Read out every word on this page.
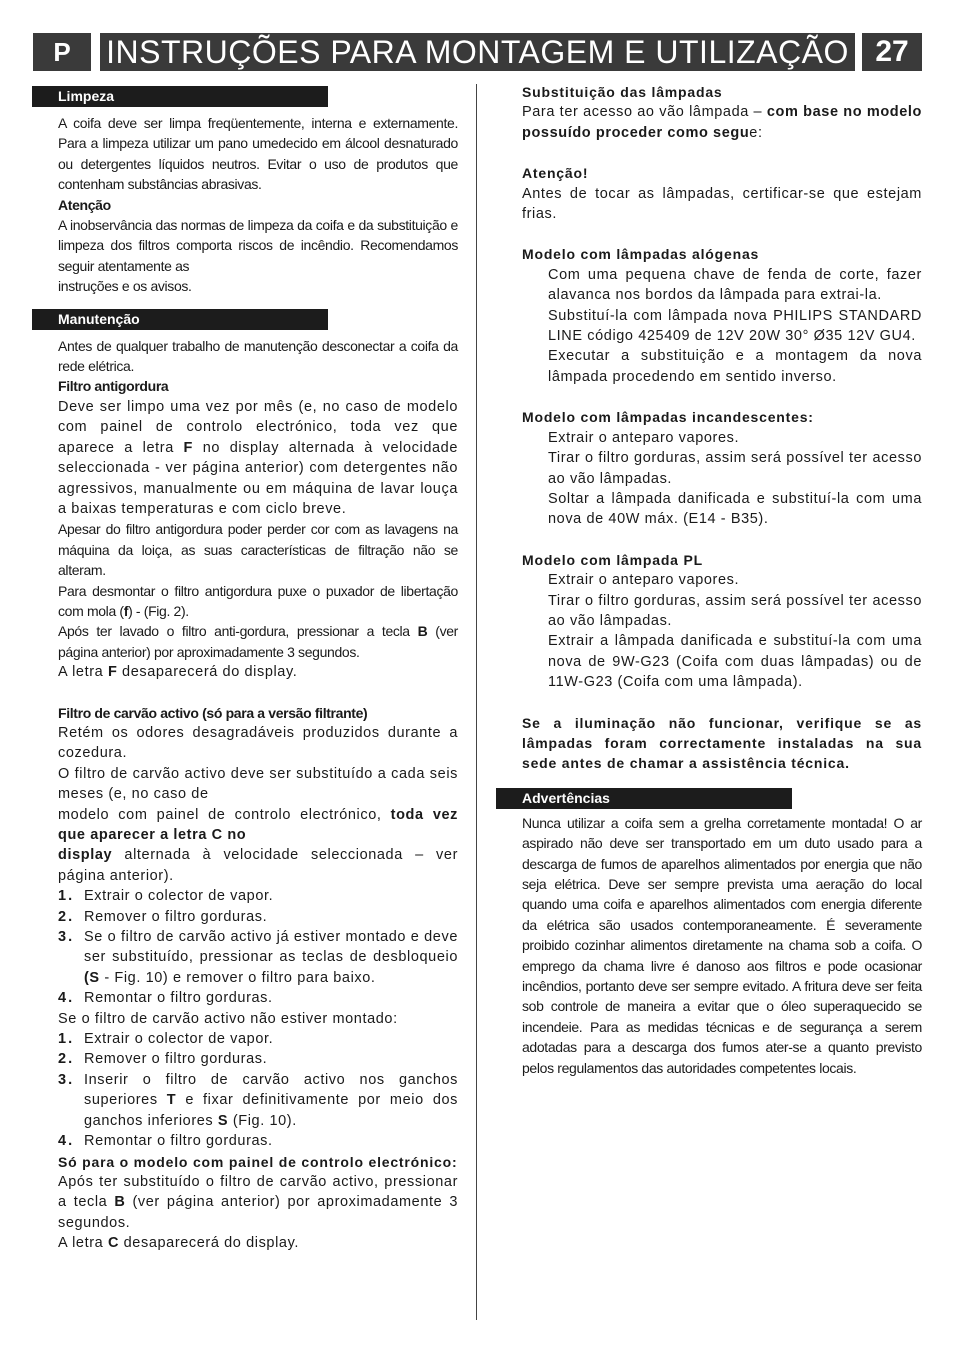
P	INSTRUÇÕES PARA MONTAGEM E UTILIZAÇÃO 27
Limpeza

A coifa deve ser limpa freqüentemente, interna e externamente. Para a limpeza utilizar um pano umedecido em álcool desnaturado ou detergentes líquidos neutros. Evitar o uso de produtos que contenham substâncias abrasivas.

Atenção

A inobservância das normas de limpeza da coifa e da substituição e limpeza dos filtros comporta riscos de incêndio. Recomendamos seguir atentamente as

instruções e os avisos.

Manutenção

Antes de qualquer trabalho de manutenção desconectar a coifa da rede elétrica.

Filtro antigordura

Deve ser limpo uma vez por mês (e, no caso de modelo com painel de controlo electrónico, toda vez que aparece a letra F no display alternada à velocidade seleccionada - ver página anterior) com detergentes não agressivos, manualmente ou em máquina de lavar louça a baixas temperaturas e com ciclo breve.

Apesar do filtro antigordura poder perder cor com as lavagens na máquina da loiça, as suas características de filtração não se alteram.

Para desmontar o filtro antigordura puxe o puxador de libertação com mola (f) - (Fig. 2).

Após ter lavado o filtro anti-gordura, pressionar a tecla B (ver página anterior) por aproximadamente 3 segundos.

A letra F desaparecerá do display.

Filtro de carvão activo (só para a versão filtrante)

Retém os odores desagradáveis produzidos durante a cozedura.

O filtro de carvão activo deve ser substituído a cada seis meses (e, no caso de

modelo com painel de controlo electrónico, toda vez que aparecer a letra C no

display alternada à velocidade seleccionada – ver página anterior).

1. Extrair o colector de vapor.
2. Remover o filtro gorduras.
3. Se o filtro de carvão activo já estiver montado e deve ser substituído, pressionar as teclas de desbloqueio (S - Fig. 10) e remover o filtro para baixo.
4. Remontar o filtro gorduras.

Se o filtro de carvão activo não estiver montado:

1. Extrair o colector de vapor.
2. Remover o filtro gorduras.
3. Inserir o filtro de carvão activo nos ganchos superiores T e fixar definitivamente por meio dos ganchos inferiores S (Fig. 10).
4. Remontar o filtro gorduras.

Só para o modelo com painel de controlo electrónico:

Após ter substituído o filtro de carvão activo, pressionar a tecla B (ver página anterior) por aproximadamente 3 segundos.

A letra C desaparecerá do display.

Substituição das lâmpadas

Para ter acesso ao vão lâmpada – com base no modelo possuído proceder como segue:

Atenção!

Antes de tocar as lâmpadas, certificar-se que estejam frias.

Modelo com lâmpadas alógenas

Com uma pequena chave de fenda de corte, fazer alavanca nos bordos da lâmpada para extrai-la.

Substituí-la com lâmpada nova PHILIPS STANDARD LINE código 425409 de 12V 20W 30° Ø35 12V GU4.

Executar a substituição e a montagem da nova lâmpada procedendo em sentido inverso.

Modelo com lâmpadas incandescentes:

Extrair o anteparo vapores.

Tirar o filtro gorduras, assim será possível ter acesso ao vão lâmpadas.

Soltar a lâmpada danificada e substituí-la com uma nova de 40W máx. (E14 - B35).

Modelo com lâmpada PL

Extrair o anteparo vapores.

Tirar o filtro gorduras, assim será possível ter acesso ao vão lâmpadas.

Extrair a lâmpada danificada e substituí-la com uma nova de 9W-G23 (Coifa com duas lâmpadas) ou de 11W-G23 (Coifa com uma lâmpada).

Se a iluminação não funcionar, verifique se as lâmpadas foram correctamente instaladas na sua sede antes de chamar a assistência técnica.

Advertências

Nunca utilizar a coifa sem a grelha corretamente montada! O ar aspirado não deve ser transportado em um duto usado para a descarga de fumos de aparelhos alimentados por energia que não seja elétrica. Deve ser sempre prevista uma aeração do local quando uma coifa e aparelhos alimentados com energia diferente da elétrica são usados contemporaneamente. É severamente proibido cozinhar alimentos diretamente na chama sob a coifa. O emprego da chama livre é danoso aos filtros e pode ocasionar incêndios, portanto deve ser sempre evitado. A fritura deve ser feita sob controle de maneira a evitar que o óleo superaquecido se incendeie. Para as medidas técnicas e de segurança a serem adotadas para a descarga dos fumos ater-se a quanto previsto pelos regulamentos das autoridades competentes locais.
